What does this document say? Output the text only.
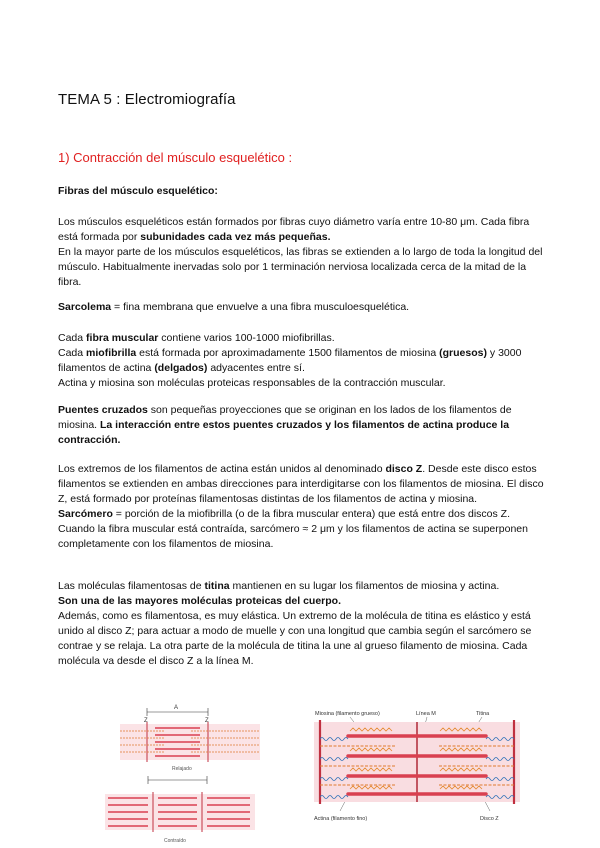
TEMA 5 : Electromiografía
1) Contracción del músculo esquelético :
Fibras del músculo esquelético:

Los músculos esqueléticos están formados por fibras cuyo diámetro varía entre 10-80 μm. Cada fibra está formada por subunidades cada vez más pequeñas.

En la mayor parte de los músculos esqueléticos, las fibras se extienden a lo largo de toda la longitud del músculo. Habitualmente inervadas solo por 1 terminación nerviosa localizada cerca de la mitad de la fibra.

Sarcolema = fina membrana que envuelve a una fibra musculoesquelética.

Cada fibra muscular contiene varios 100-1000 miofibrillas.

Cada miofibrilla está formada por aproximadamente 1500 filamentos de miosina (gruesos) y 3000 filamentos de actina (delgados) adyacentes entre sí.

Actina y miosina son moléculas proteicas responsables de la contracción muscular.

Puentes cruzados son pequeñas proyecciones que se originan en los lados de los filamentos de miosina. La interacción entre estos puentes cruzados y los filamentos de actina produce la contracción.

Los extremos de los filamentos de actina están unidos al denominado disco Z. Desde este disco estos filamentos se extienden en ambas direcciones para interdigitarse con los filamentos de miosina. El disco Z, está formado por proteínas filamentosas distintas de los filamentos de actina y miosina.

Sarcómero = porción de la miofibrilla (o de la fibra muscular entera) que está entre dos discos Z. Cuando la fibra muscular está contraída, sarcómero ≈ 2 μm y los filamentos de actina se superponen completamente con los filamentos de miosina.

Las moléculas filamentosas de titina mantienen en su lugar los filamentos de miosina y actina.

Son una de las mayores moléculas proteicas del cuerpo.

Además, como es filamentosa, es muy elástica. Un extremo de la molécula de titina es elástico y está unido al disco Z; para actuar a modo de muelle y con una longitud que cambia según el sarcómero se contrae y se relaja. La otra parte de la molécula de titina la une al grueso filamento de miosina. Cada molécula va desde el disco Z a la línea M.

Z
A
Z
Relajado
Contraído
Miosina (filamento grueso)	Línea M	Titina
Actina (filamento fino)	Disco Z
